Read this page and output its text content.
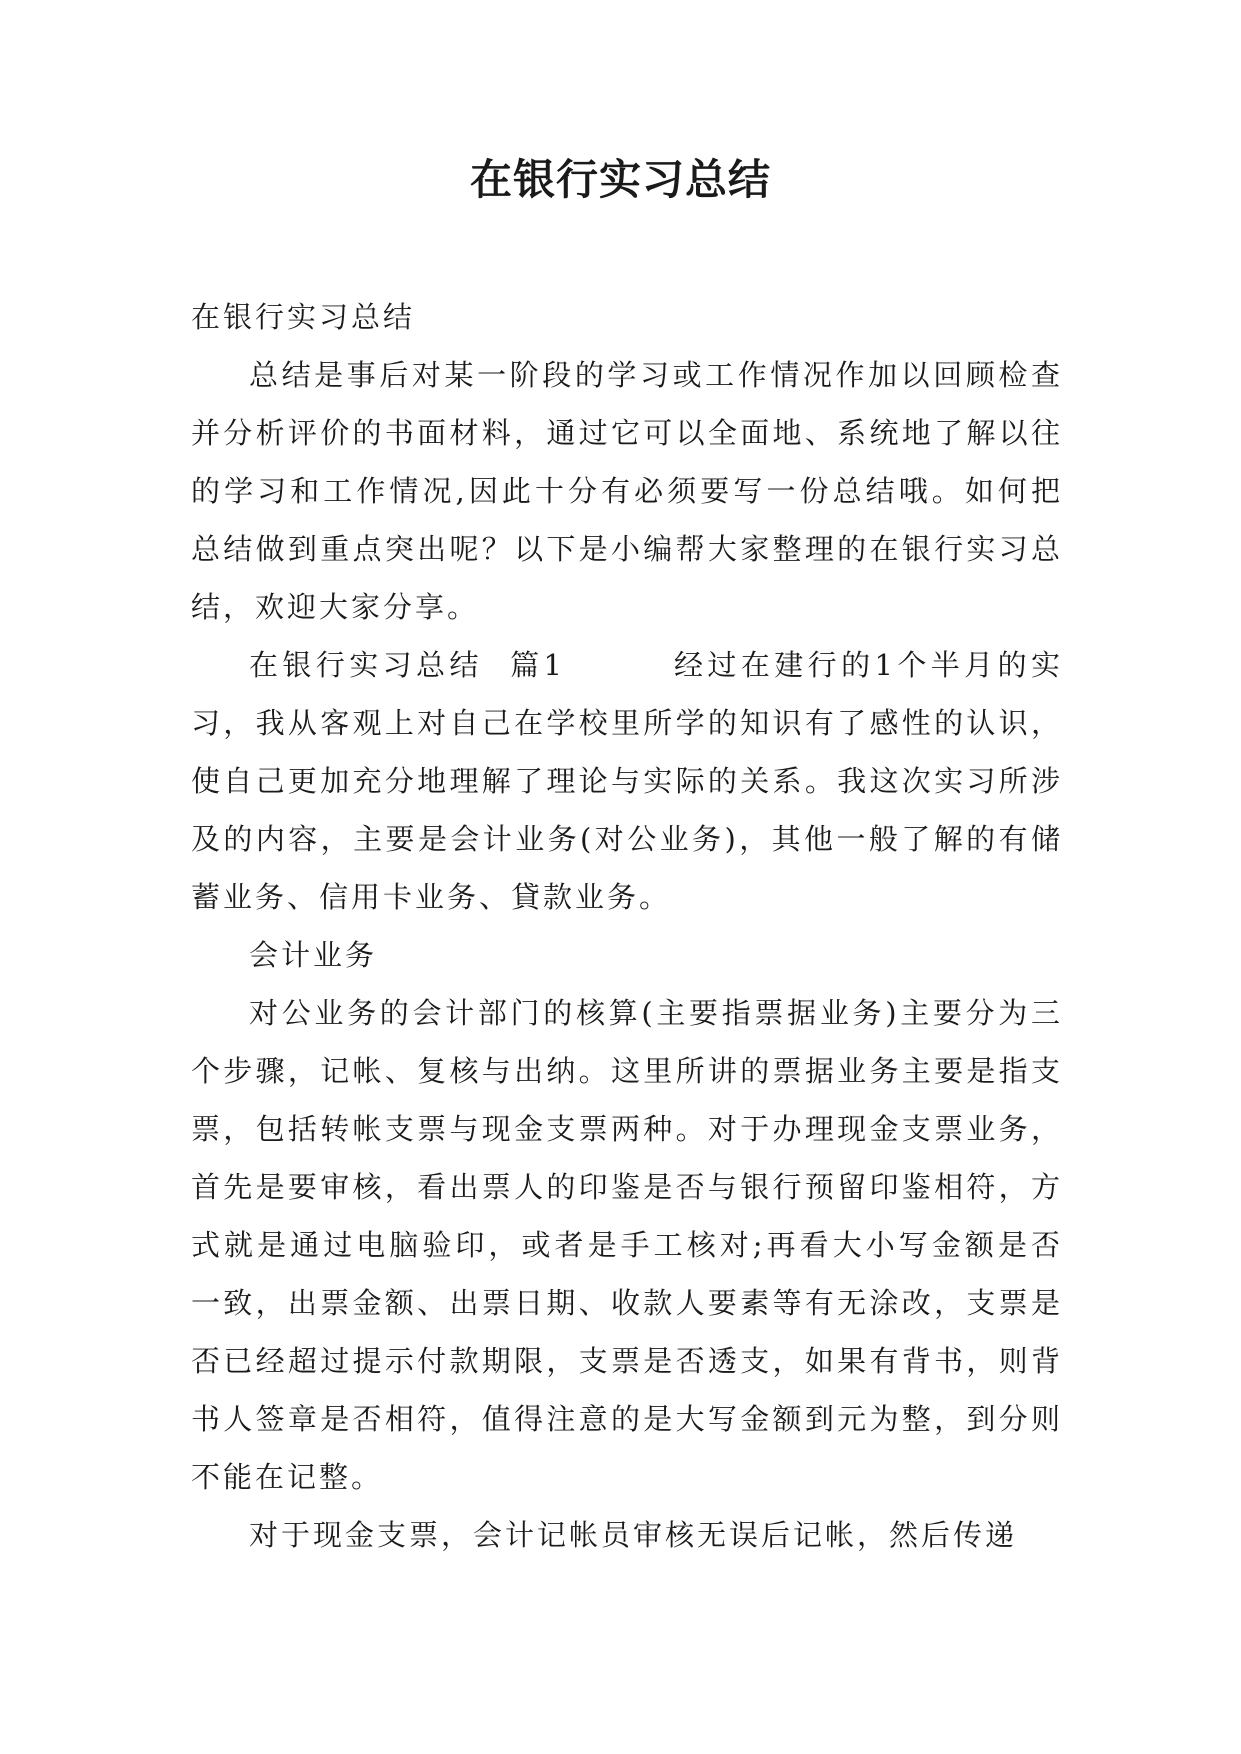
在银行实习总结

在银行实习总结

总结是事后对某一阶段的学习或工作情况作加以回顾检查并分析评价的书面材料，通过它可以全面地、系统地了解以往的学习和工作情况,因此十分有必须要写一份总结哦。如何把总结做到重点突出呢？以下是小编帮大家整理的在银行实习总结，欢迎大家分享。

在银行实习总结  篇1        经过在建行的1个半月的实习，我从客观上对自己在学校里所学的知识有了感性的认识，使自己更加充分地理解了理论与实际的关系。我这次实习所涉及的内容，主要是会计业务(对公业务)，其他一般了解的有储蓄业务、信用卡业务、貸款业务。

会计业务

对公业务的会计部门的核算(主要指票据业务)主要分为三个步骤，记帐、复核与出纳。这里所讲的票据业务主要是指支票，包括转帐支票与现金支票两种。对于办理现金支票业务，首先是要审核，看出票人的印鉴是否与银行预留印鉴相符，方式就是通过电脑验印，或者是手工核对;再看大小写金额是否一致，出票金额、出票日期、收款人要素等有无涂改，支票是否已经超过提示付款期限，支票是否透支，如果有背书，则背书人签章是否相符，值得注意的是大写金额到元为整，到分则不能在记整。

对于现金支票，会计记帐员审核无误后记帐，然后传递
